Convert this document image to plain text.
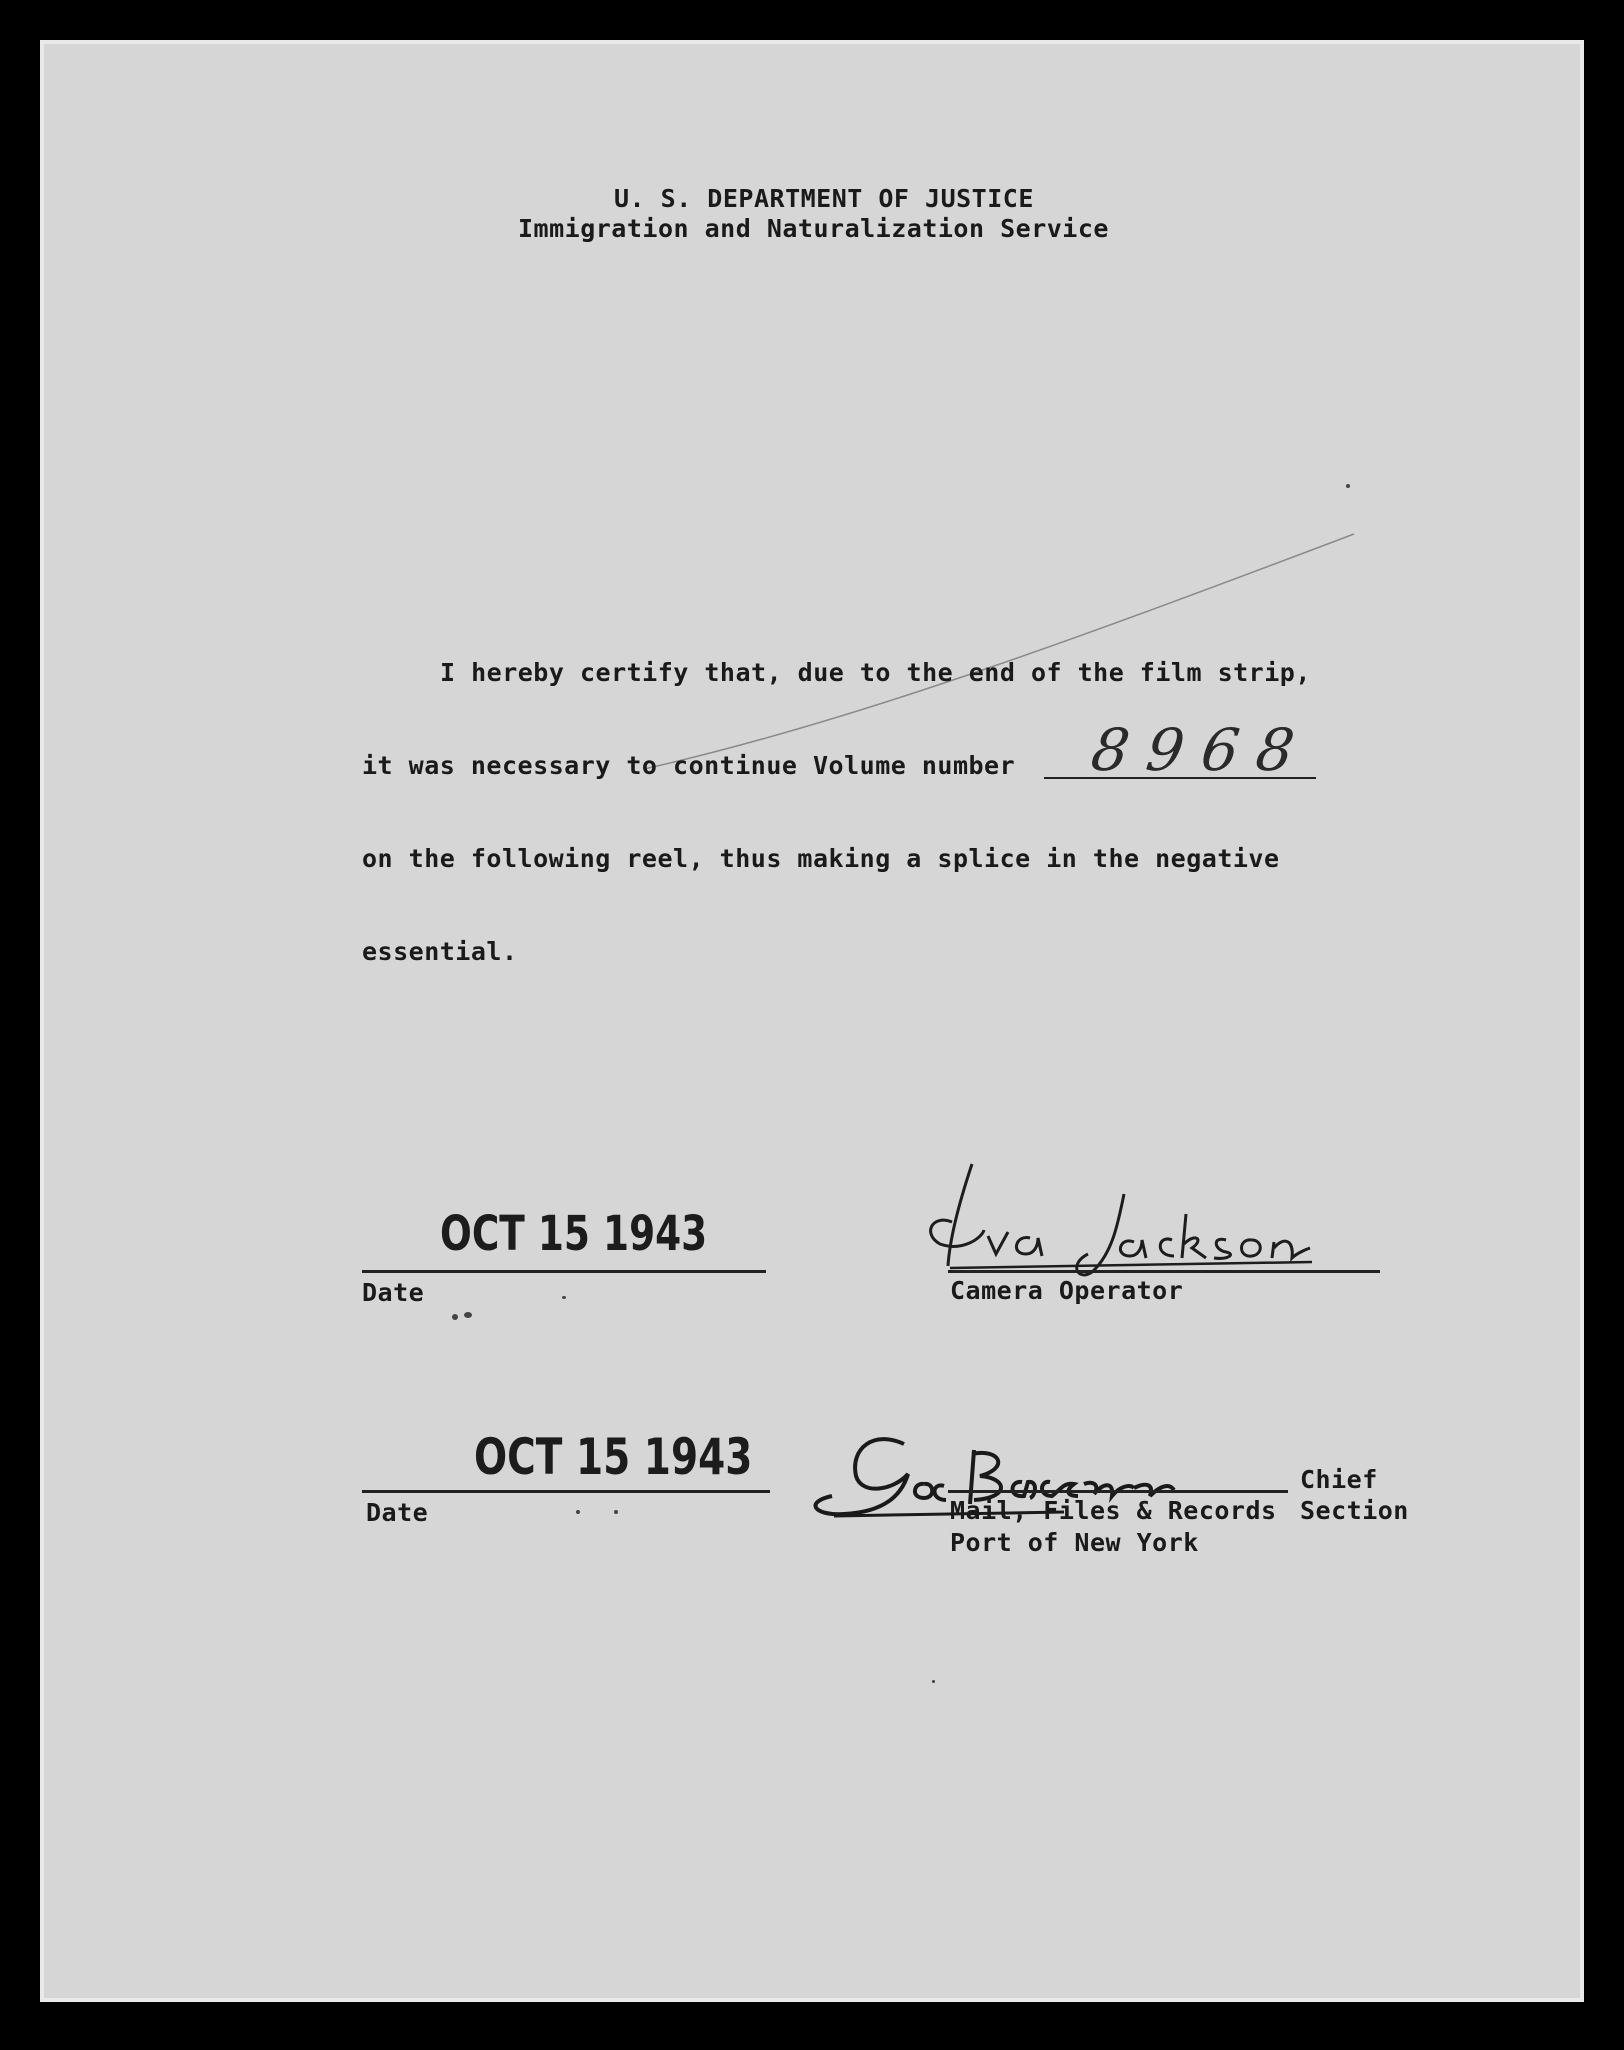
U. S. DEPARTMENT OF JUSTICE
Immigration and Naturalization Service
I hereby certify that, due to the end of the film strip,
it was necessary to continue Volume number 8968
on the following reel, thus making a splice in the negative
essential.
OCT 15 1943
Date	Camera Operator
OCT 15 1943
Date
Chief
Mail, Files & Records Section
Port of New York
